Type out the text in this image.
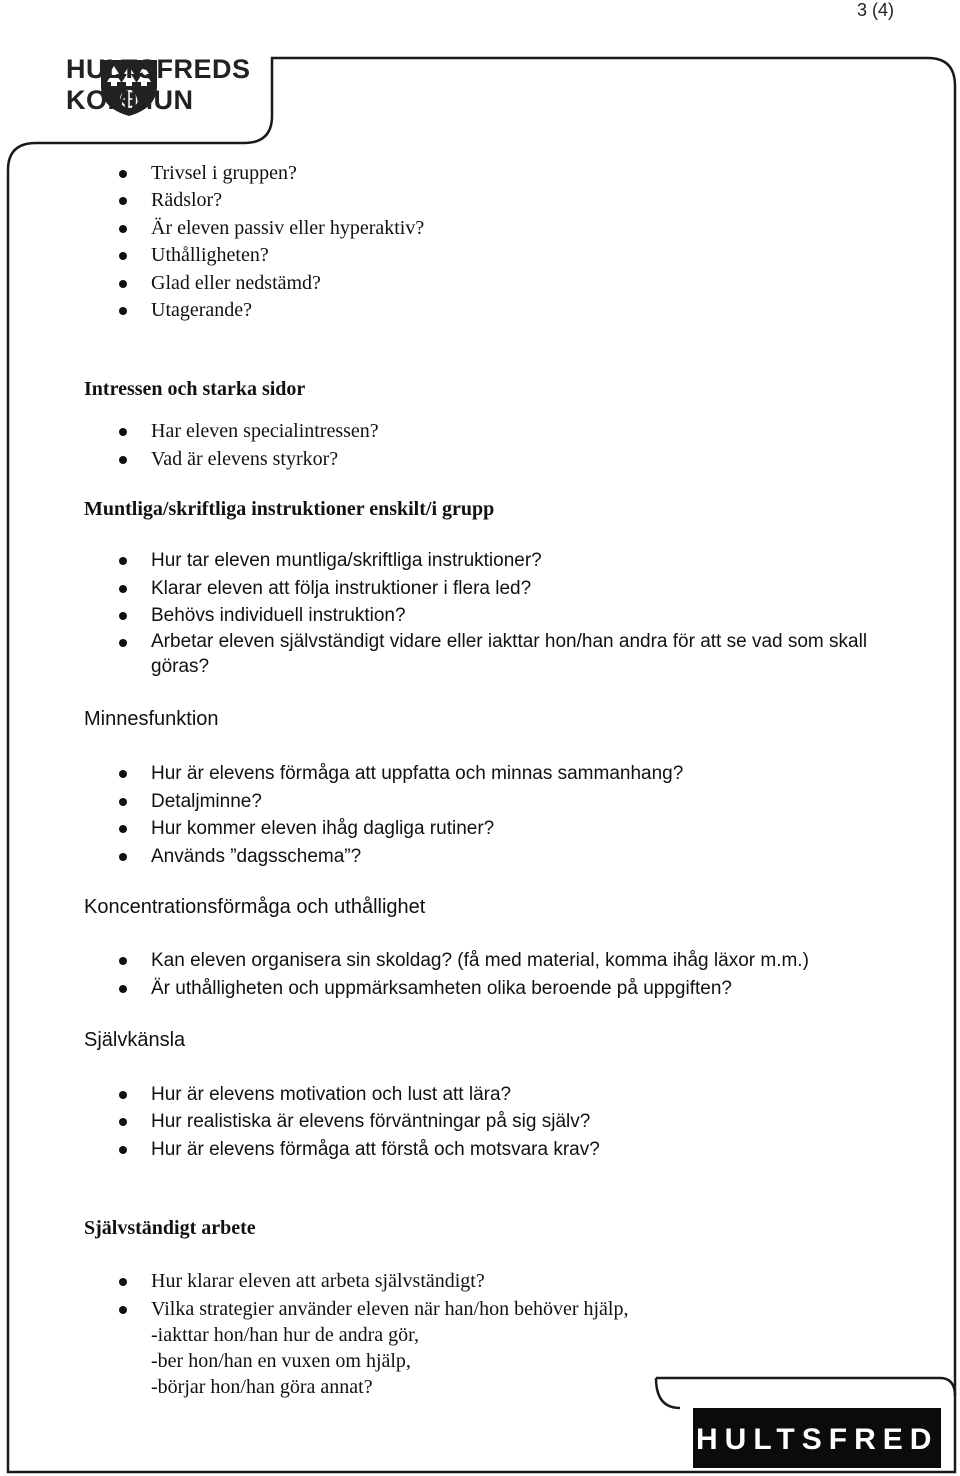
3 (4)
HULTSFREDS
KOMMUN
Trivsel i gruppen?
Rädslor?
Är eleven passiv eller hyperaktiv?
Uthålligheten?
Glad eller nedstämd?
Utagerande?
Intressen och starka sidor
Har eleven specialintressen?
Vad är elevens styrkor?
Muntliga/skriftliga instruktioner enskilt/i grupp
Hur tar eleven muntliga/skriftliga instruktioner?
Klarar eleven att följa instruktioner i flera led?
Behövs individuell instruktion?
Arbetar eleven självständigt vidare eller iakttar hon/han andra för att se vad som skall göras?
Minnesfunktion
Hur är elevens förmåga att uppfatta och minnas sammanhang?
Detaljminne?
Hur kommer eleven ihåg dagliga rutiner?
Används ”dagsschema”?
Koncentrationsförmåga och uthållighet
Kan eleven organisera sin skoldag? (få med material, komma ihåg läxor m.m.)
Är uthålligheten och uppmärksamheten olika beroende på uppgiften?
Självkänsla
Hur är elevens motivation och lust att lära?
Hur realistiska är elevens förväntningar på sig själv?
Hur är elevens förmåga att förstå och motsvara krav?
Självständigt arbete
Hur klarar eleven att arbeta självständigt?
Vilka strategier använder eleven när han/hon behöver hjälp,
-iakttar hon/han hur de andra gör,
-ber hon/han en vuxen om hjälp,
-börjar hon/han göra annat?
HULTSFRED
